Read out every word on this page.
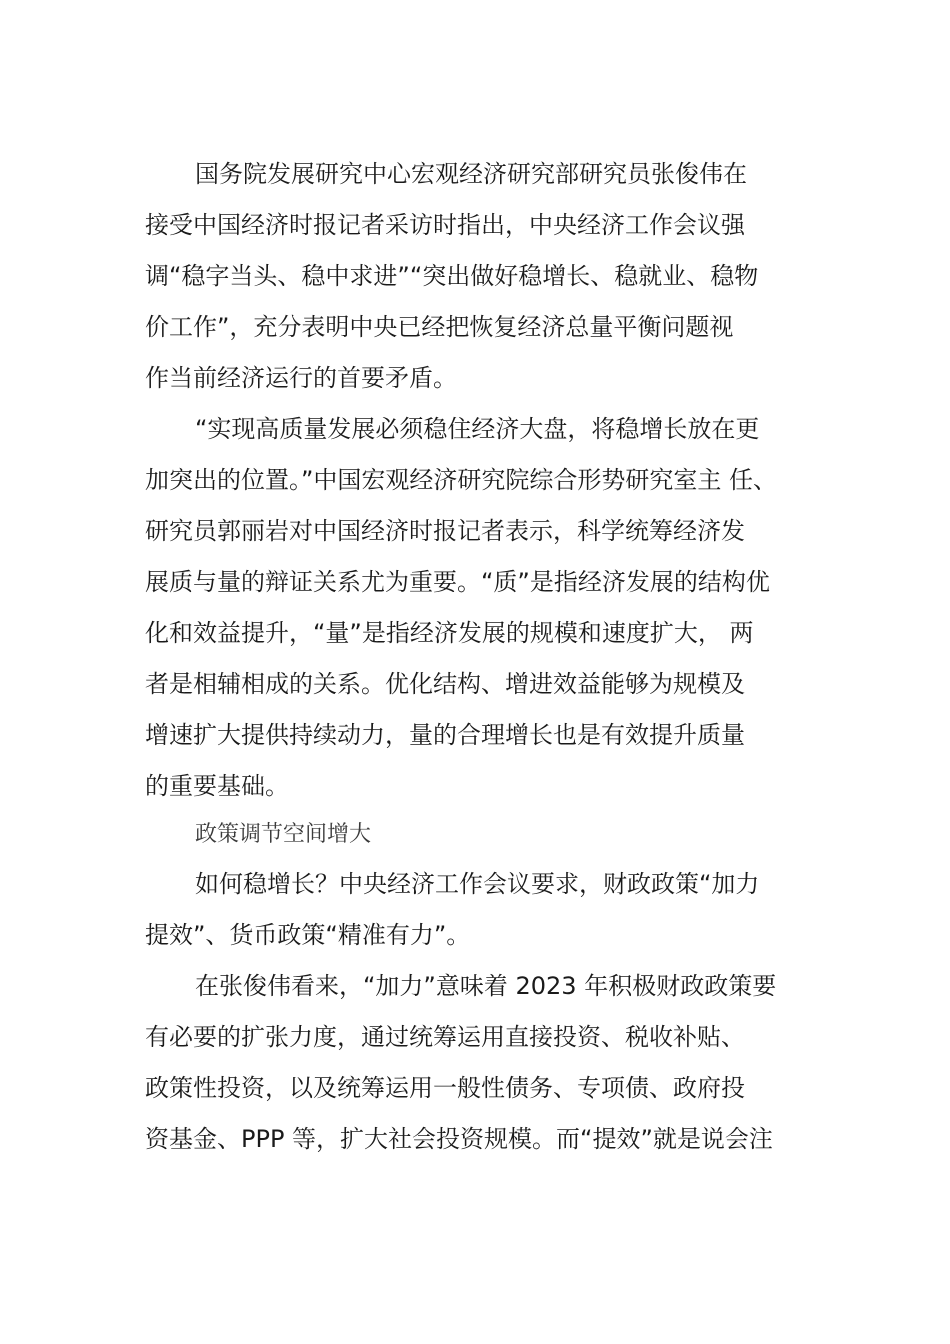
国务院发展研究中心宏观经济研究部研究员张俊伟在
接受中国经济时报记者采访时指出，中央经济工作会议强
调“稳字当头、稳中求进”“突出做好稳增长、稳就业、稳物
价工作”，充分表明中央已经把恢复经济总量平衡问题视
作当前经济运行的首要矛盾。
“实现高质量发展必须稳住经济大盘，将稳增长放在更
加突出的位置。”中国宏观经济研究院综合形势研究室主 任、
研究员郭丽岩对中国经济时报记者表示，科学统筹经济发
展质与量的辩证关系尤为重要。“质”是指经济发展的结构优
化和效益提升，“量”是指经济发展的规模和速度扩大， 两
者是相辅相成的关系。优化结构、增进效益能够为规模及
增速扩大提供持续动力，量的合理增长也是有效提升质量
的重要基础。
政策调节空间增大
如何稳增长？中央经济工作会议要求，财政政策“加力
提效”、货币政策“精准有力”。
在张俊伟看来，“加力”意味着 2023 年积极财政政策要
有必要的扩张力度，通过统筹运用直接投资、税收补贴、
政策性投资，以及统筹运用一般性债务、专项债、政府投
资基金、PPP 等，扩大社会投资规模。而“提效”就是说会注
